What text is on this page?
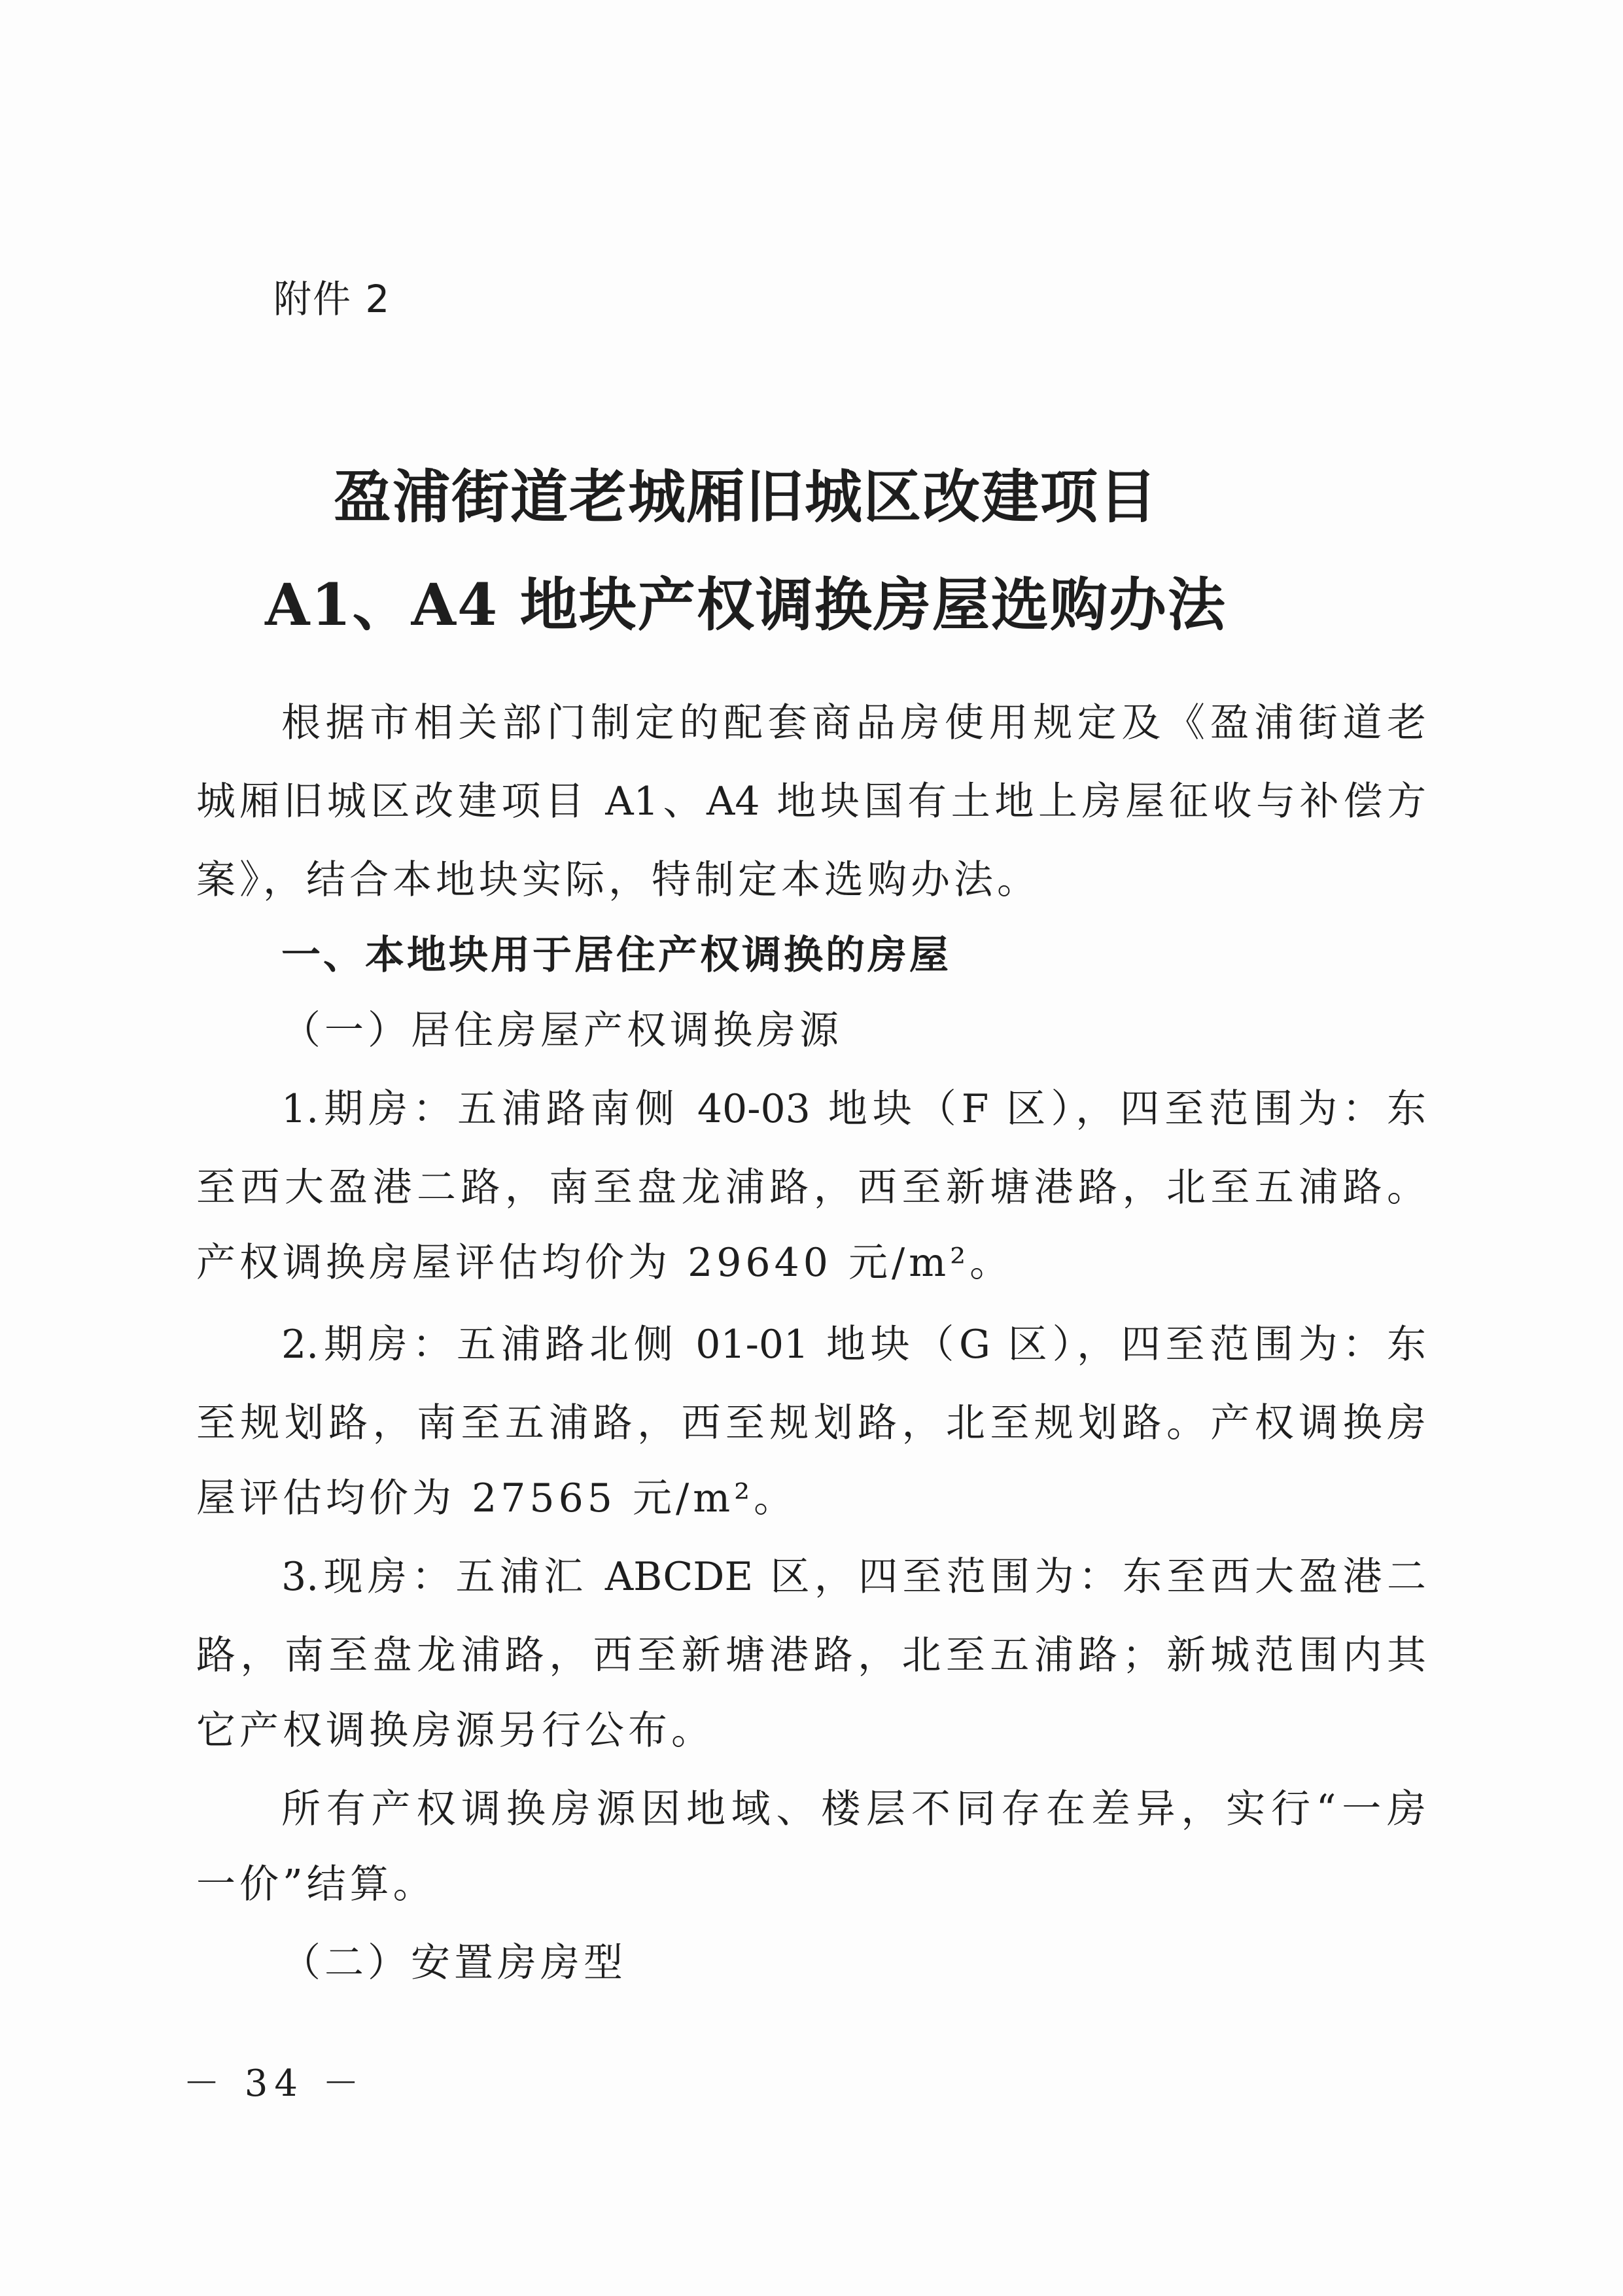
附件 2
盈浦街道老城厢旧城区改建项目
A1、A4 地块产权调换房屋选购办法
根据市相关部门制定的配套商品房使用规定及《盈浦街道老
城厢旧城区改建项目 A1、A4 地块国有土地上房屋征收与补偿方
案》，结合本地块实际，特制定本选购办法。
一、本地块用于居住产权调换的房屋
（一）居住房屋产权调换房源
1.期房：五浦路南侧 40-03 地块（F 区），四至范围为：东
至西大盈港二路，南至盘龙浦路，西至新塘港路，北至五浦路。
产权调换房屋评估均价为 29640 元/m²。
2.期房：五浦路北侧 01-01 地块（G 区），四至范围为：东
至规划路，南至五浦路，西至规划路，北至规划路。产权调换房
屋评估均价为 27565 元/m²。
3.现房：五浦汇 ABCDE 区，四至范围为：东至西大盈港二
路，南至盘龙浦路，西至新塘港路，北至五浦路；新城范围内其
它产权调换房源另行公布。
所有产权调换房源因地域、楼层不同存在差异，实行“一房
一价”结算。
（二）安置房房型
－ 34 －
